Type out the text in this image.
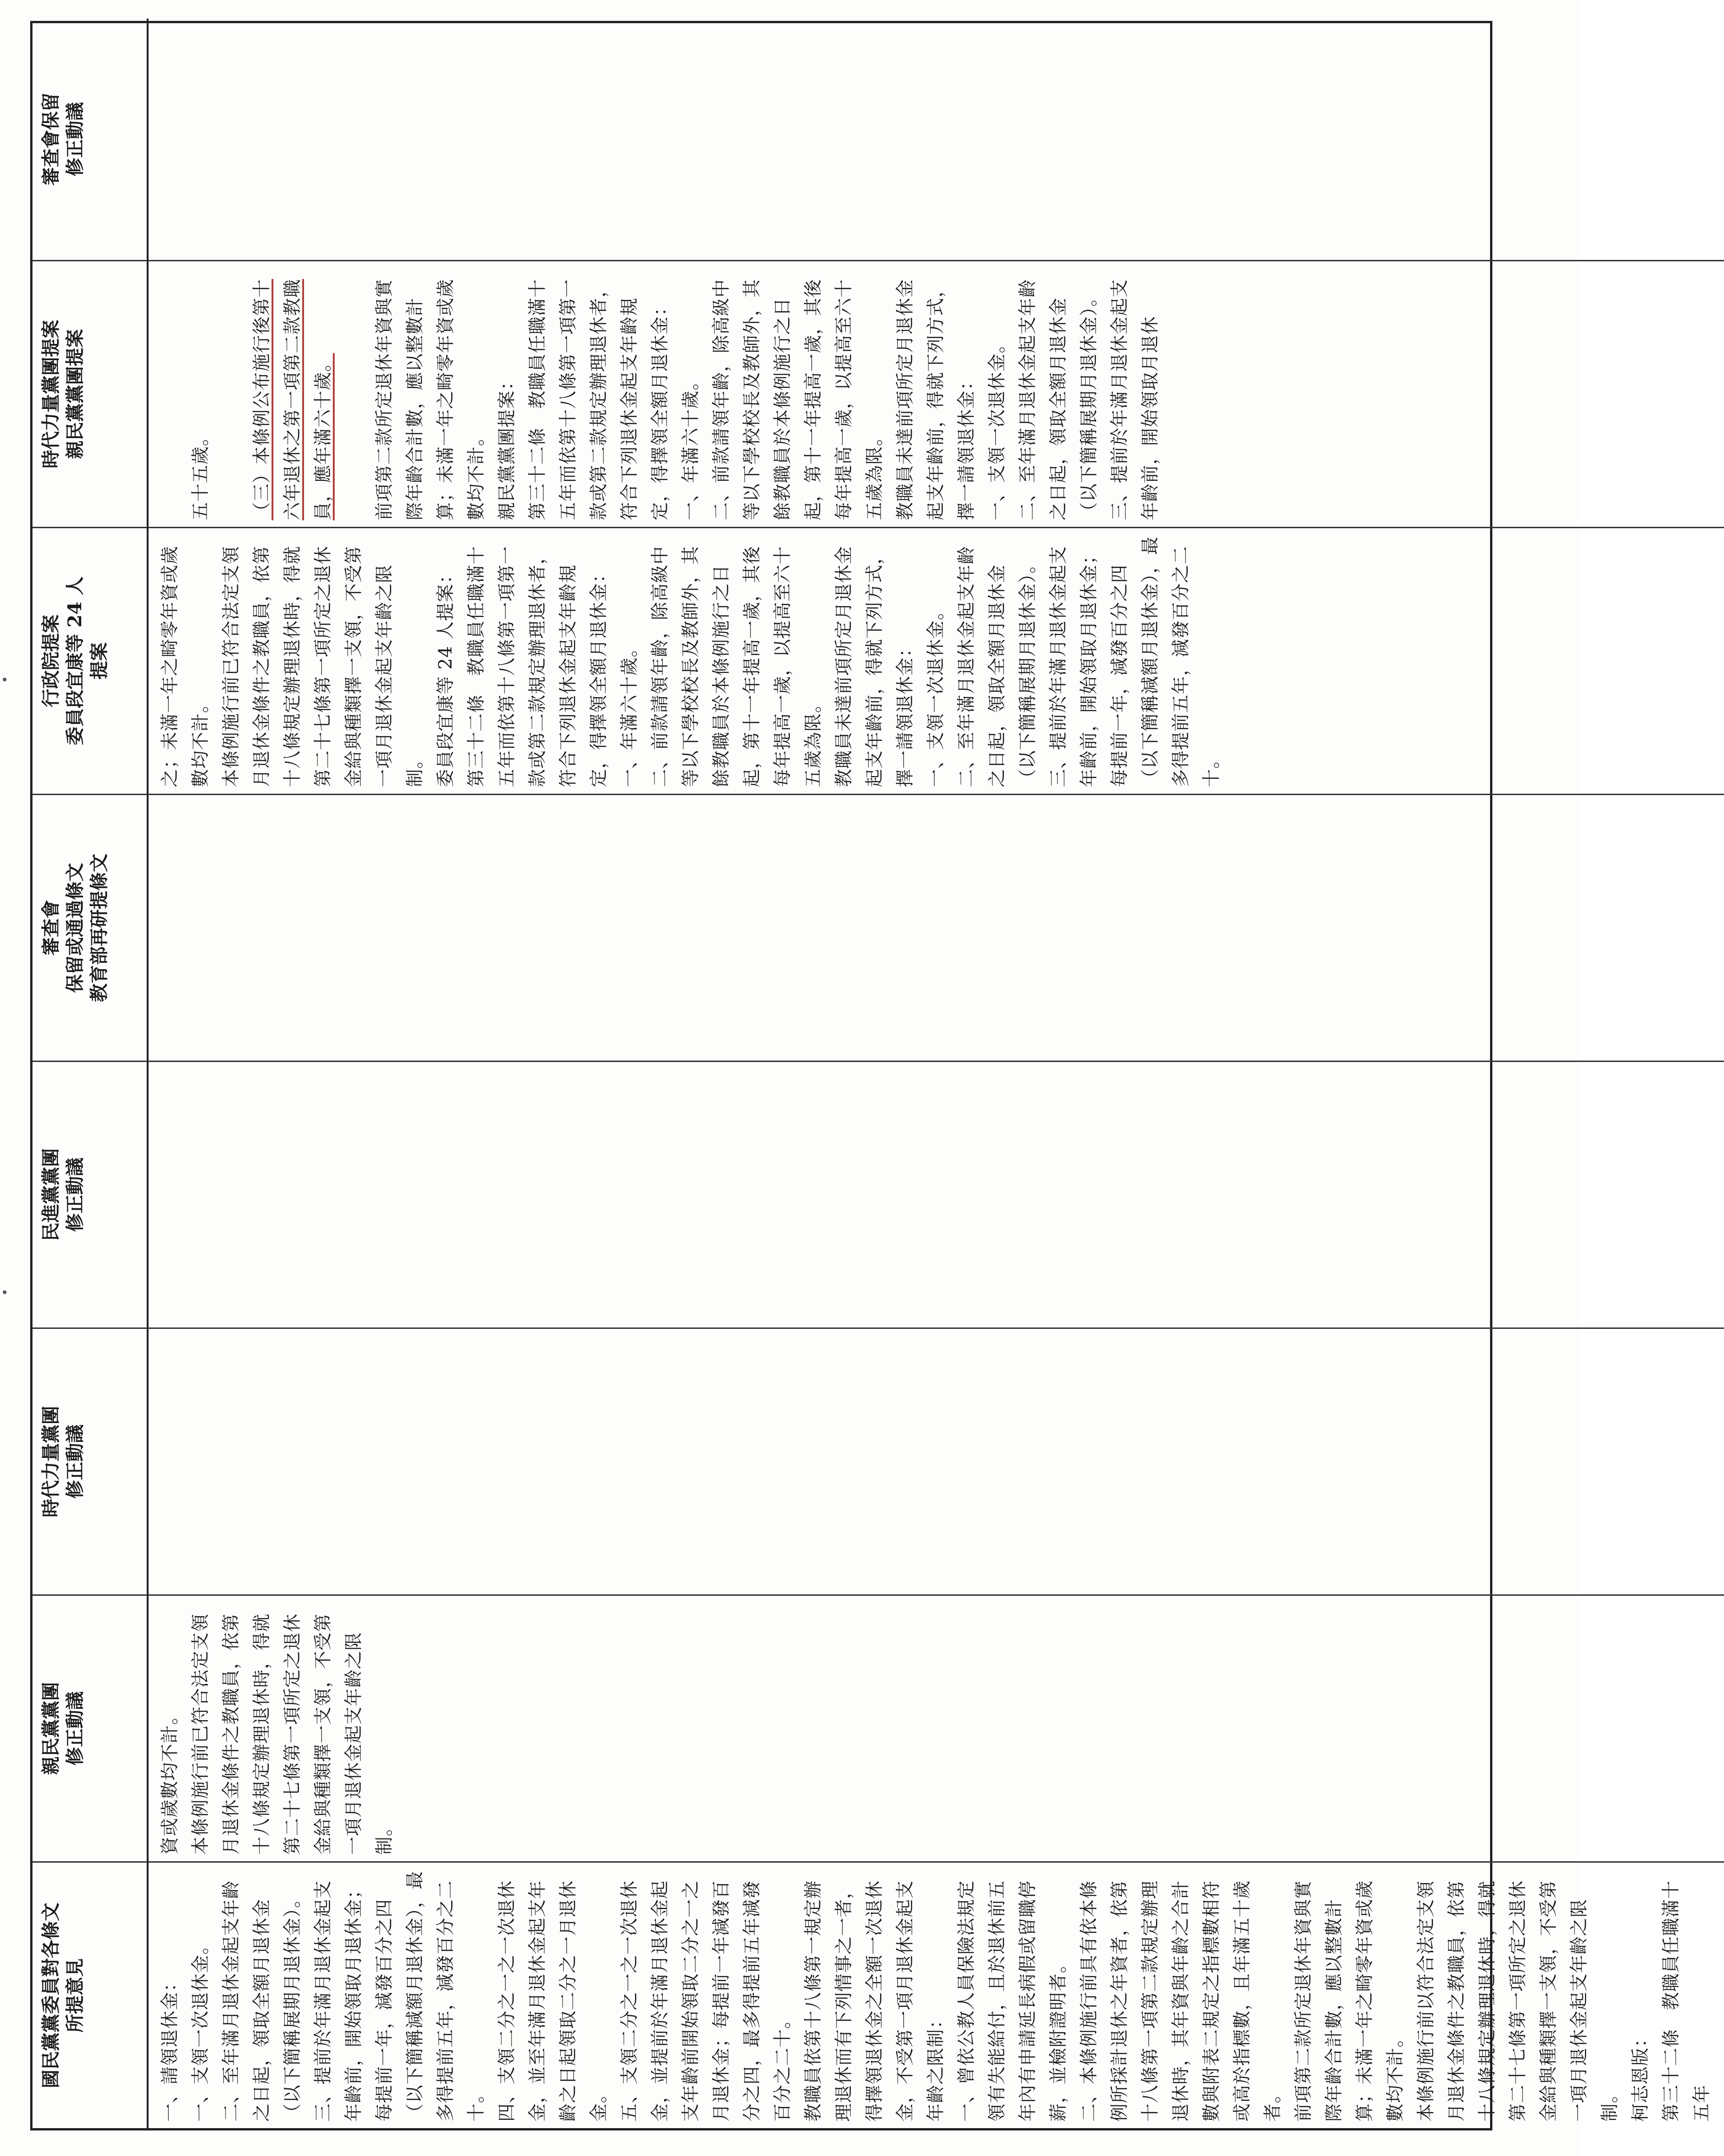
國民黨黨委員對各條文
所提意見
親民黨黨團
修正動議
時代力量黨團
修正動議
民進黨黨團
修正動議
審查會
保留或通過條文
教育部再研提條文
行政院提案
委員段宜康等 24 人
提案
時代力量黨團提案
親民黨黨團提案
審查會保留
修正動議
一、請領退休金：
一、支領一次退休金。
二、至年滿月退休金起支年齡之日起，領取全額月退休金（以下簡稱展期月退休金）。
三、提前於年滿月退休金起支年齡前，開始領取月退休金；每提前一年，減發百分之四（以下簡稱減額月退休金），最多得提前五年，減發百分之二十。
四、支領二分之一之一次退休金，並至年滿月退休金起支年齡之日起領取二分之一月退休金。
五、支領二分之一之一次退休金，並提前於年滿月退休金起支年齡前開始領取二分之一之月退休金；每提前一年減發百分之四，最多得提前五年減發百分之二十。
教職員依第十八條第一規定辦理退休而有下列情事之一者，得擇領退休金之全額一次退休金，不受第一項月退休金起支年齡之限制：
一、曾依公教人員保險法規定領有失能給付，且於退休前五年內有申請延長病假或留職停薪，並檢附證明者。
二、本條例施行前具有依本條例所採計退休之年資者，依第十八條第一項第二款規定辦理退休時，其年資與年齡之合計數與附表二規定之指標數相符或高於指標數，且年滿五十歲者。
前項第二款所定退休年資與實際年齡合計數，應以整數計算；未滿一年之畸零年資或歲數均不計。
本條例施行前以符合法定支領月退休金條件之教職員，依第十八條規定辦理退休時，得就第二十七條第一項所定之退休金給與種類擇一支領，不受第一項月退休金起支年齡之限制。
柯志恩版：
第三十二條　教職員任職滿十五年
資或歲數均不計。
本條例施行前已符合法定支領月退休金條件之教職員，依第十八條規定辦理退休時，得就第二十七條第一項所定之退休金給與種類擇一支領，不受第一項月退休金起支年齡之限制。
之；未滿一年之畸零年資或歲數均不計。
本條例施行前已符合法定支領月退休金條件之教職員，依第十八條規定辦理退休時，得就第二十七條第一項所定之退休金給與種類擇一支領，不受第一項月退休金起支年齡之限制。
委員段宜康等 24 人提案：
第三十二條　教職員任職滿十五年而依第十八條第一項第一款或第二款規定辦理退休者，符合下列退休金起支年齡規定，得擇領全額月退休金：
一、年滿六十歲。
二、前款請領年齡，除高級中等以下學校校長及教師外，其餘教職員於本條例施行之日起，第十一年提高一歲，其後每年提高一歲，以提高至六十五歲為限。
教職員未達前項所定月退休金起支年齡前，得就下列方式，擇一請領退休金：
一、支領一次退休金。
二、至年滿月退休金起支年齡之日起，領取全額月退休金（以下簡稱展期月退休金）。
三、提前於年滿月退休金起支年齡前，開始領取月退休金；每提前一年，減發百分之四（以下簡稱減額月退休金），最多得提前五年，減發百分之二十。

五十五歲。 （三）本條例公布施行後第十六年退休之第一項第二款教職員，應年滿六十歲。 前項第二款所定退休年資與實際年齡合計數，應以整數計算；未滿一年之畸零年資或歲數均不計。
親民黨黨團提案：
第三十二條　教職員任職滿十五年而依第十八條第一項第一款或第二款規定辦理退休者，符合下列退休金起支年齡規定，得擇領全額月退休金：
一、年滿六十歲。
二、前款請領年齡，除高級中等以下學校校長及教師外，其餘教職員於本條例施行之日起，第十一年提高一歲，其後每年提高一歲，以提高至六十五歲為限。
教職員未達前項所定月退休金起支年齡前，得就下列方式，擇一請領退休金：
一、支領一次退休金。
二、至年滿月退休金起支年齡之日起，領取全額月退休金（以下簡稱展期月退休金）。
三、提前於年滿月退休金起支年齡前，開始領取月退休
